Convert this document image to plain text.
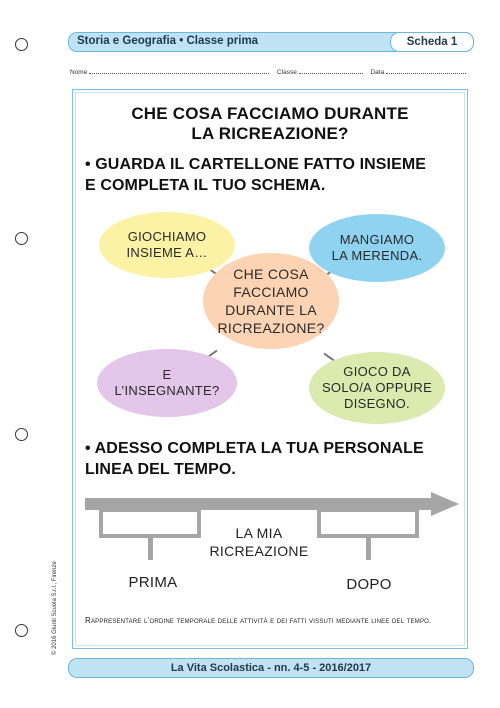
Storia e Geografia • Classe prima	Scheda 1
Nome	Classe	Data
CHE COSA FACCIAMO DURANTE
LA RICREAZIONE?
• GUARDA IL CARTELLONE FATTO INSIEME
E COMPLETA IL TUO SCHEMA.
GIOCHIAMO
INSIEME A…
MANGIAMO
LA MERENDA.
CHE COSA
FACCIAMO
DURANTE LA
RICREAZIONE?
E
L’INSEGNANTE?
GIOCO DA
SOLO/A OPPURE
DISEGNO.
• ADESSO COMPLETA LA TUA PERSONALE
LINEA DEL TEMPO.
LA MIA
RICREAZIONE
PRIMA	DOPO
Rappresentare l’ordine temporale delle attività e dei fatti vissuti mediante linee del tempo.
© 2016 Giunti Scuola S.r.l., Firenze
La Vita Scolastica - nn. 4-5 - 2016/2017
